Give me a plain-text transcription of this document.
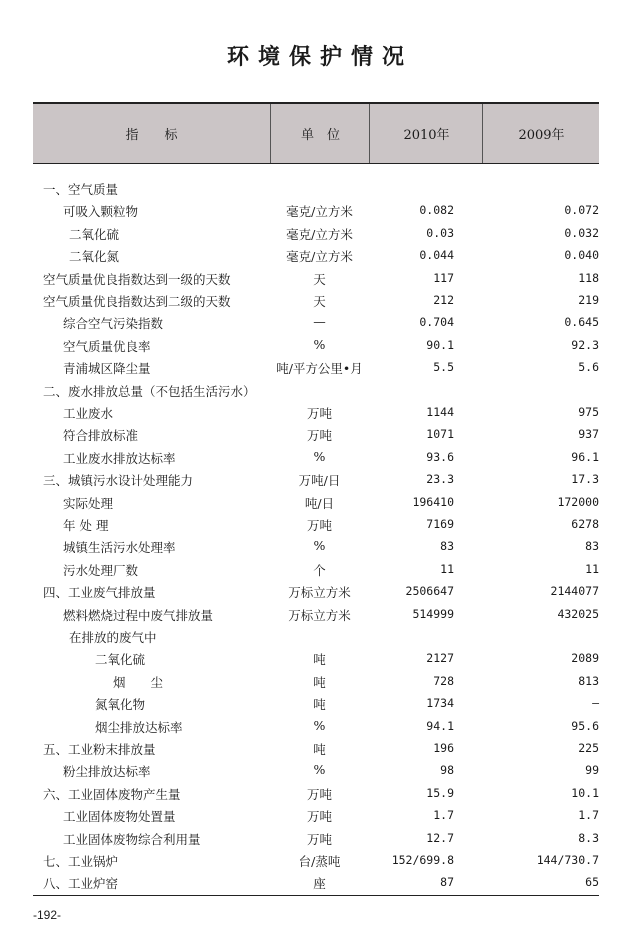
环境保护情况
指　　标	单　位	2010年	2009年
一、空气质量
可吸入颗粒物	毫克/立方米	0.082	0.072
二氧化硫	毫克/立方米	0.03	0.032
二氧化氮	毫克/立方米	0.044	0.040
空气质量优良指数达到一级的天数	天	117	118
空气质量优良指数达到二级的天数	天	212	219
综合空气污染指数	—	0.704	0.645
空气质量优良率	%	90.1	92.3
青浦城区降尘量	吨/平方公里•月	5.5	5.6
二、废水排放总量（不包括生活污水）
工业废水	万吨	1144	975
符合排放标准	万吨	1071	937
工业废水排放达标率	%	93.6	96.1
三、城镇污水设计处理能力	万吨/日	23.3	17.3
实际处理	吨/日	196410	172000
年 处 理	万吨	7169	6278
城镇生活污水处理率	%	83	83
污水处理厂数	个	11	11
四、工业废气排放量	万标立方米	2506647	2144077
燃料燃烧过程中废气排放量	万标立方米	514999	432025
在排放的废气中
二氧化硫	吨	2127	2089
烟　　尘	吨	728	813
氮氧化物	吨	1734	—
烟尘排放达标率	%	94.1	95.6
五、工业粉末排放量	吨	196	225
粉尘排放达标率	%	98	99
六、工业固体废物产生量	万吨	15.9	10.1
工业固体废物处置量	万吨	1.7	1.7
工业固体废物综合利用量	万吨	12.7	8.3
七、工业锅炉	台/蒸吨	152/699.8	144/730.7
八、工业炉窑	座	87	65
-192-
